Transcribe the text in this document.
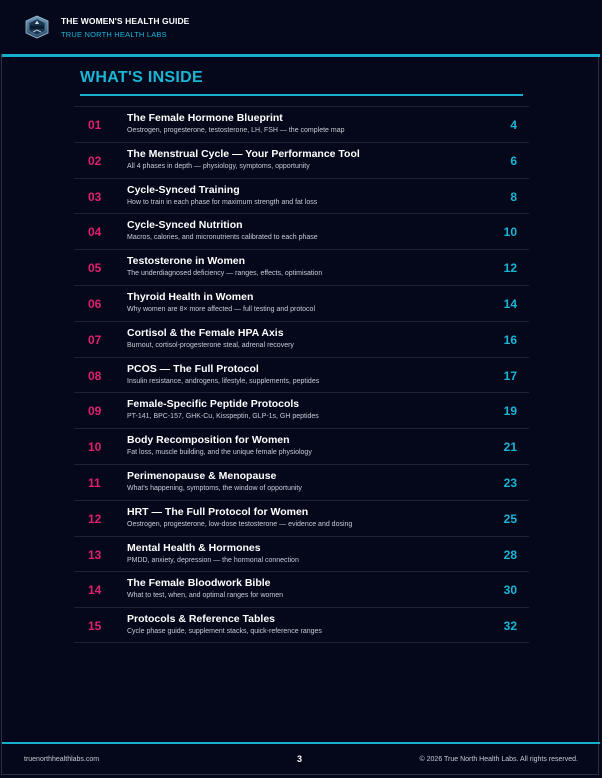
THE WOMEN'S HEALTH GUIDE
TRUE NORTH HEALTH LABS
WHAT'S INSIDE
01 The Female Hormone Blueprint
Oestrogen, progesterone, testosterone, LH, FSH — the complete map	4
02 The Menstrual Cycle — Your Performance Tool
All 4 phases in depth — physiology, symptoms, opportunity	6
03 Cycle-Synced Training
How to train in each phase for maximum strength and fat loss	8
04 Cycle-Synced Nutrition
Macros, calories, and micronutrients calibrated to each phase	10
05 Testosterone in Women
The underdiagnosed deficiency — ranges, effects, optimisation	12
06 Thyroid Health in Women
Why women are 8× more affected — full testing and protocol	14
07 Cortisol & the Female HPA Axis
Burnout, cortisol-progesterone steal, adrenal recovery	16
08 PCOS — The Full Protocol
Insulin resistance, androgens, lifestyle, supplements, peptides	17
09 Female-Specific Peptide Protocols
PT-141, BPC-157, GHK-Cu, Kisspeptin, GLP-1s, GH peptides	19
10 Body Recomposition for Women
Fat loss, muscle building, and the unique female physiology	21
11	Perimenopause & Menopause
What's happening, symptoms, the window of opportunity	23
12 HRT — The Full Protocol for Women
Oestrogen, progesterone, low-dose testosterone — evidence and dosing	25
13 Mental Health & Hormones
PMDD, anxiety, depression — the hormonal connection	28
14 The Female Bloodwork Bible
What to test, when, and optimal ranges for women	30
15 Protocols & Reference Tables
Cycle phase guide, supplement stacks, quick-reference ranges	32
truenorthhealthlabs.com	3	© 2026 True North Health Labs. All rights reserved.
